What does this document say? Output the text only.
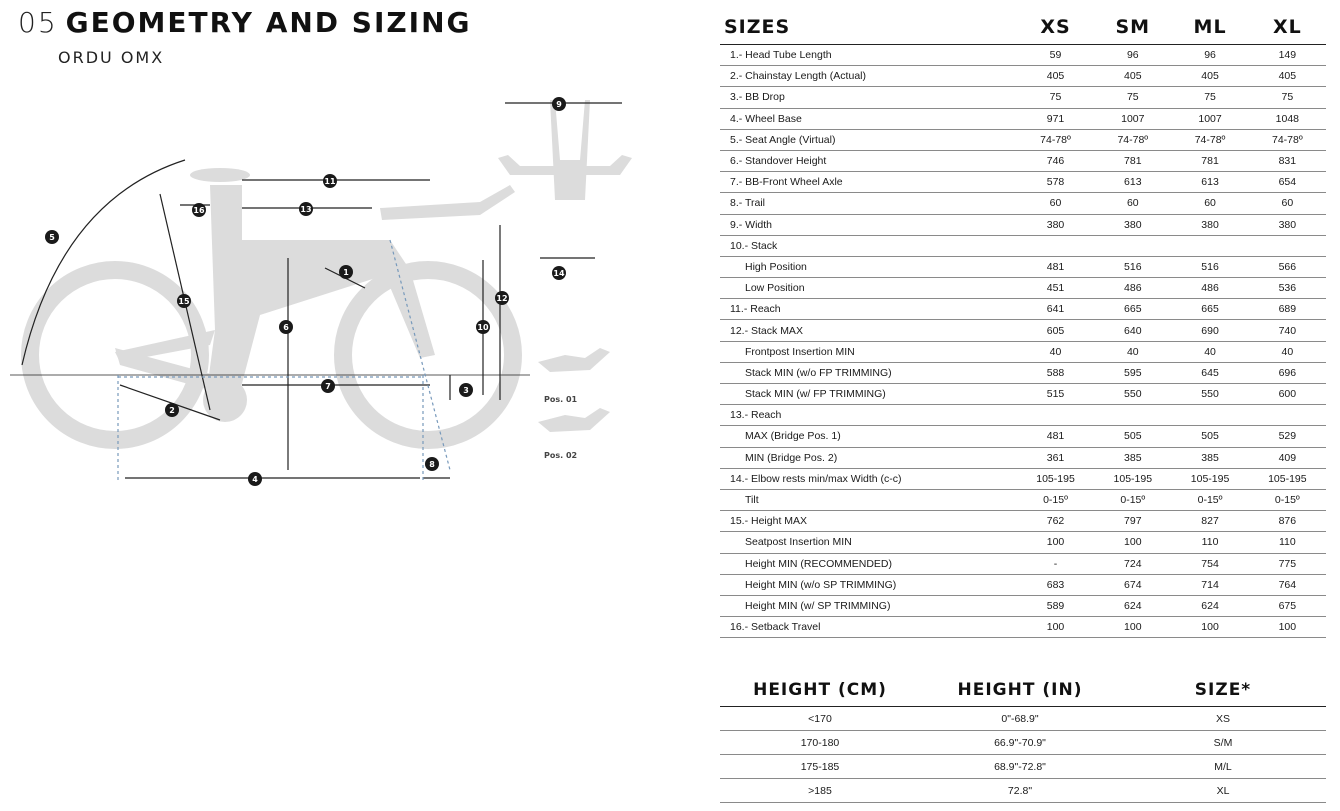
05 GEOMETRY AND SIZING
ORDU OMX
1
2
3
4
5
6
7
8
9
10
11
12
13
14
15
16
Pos. 01
Pos. 02
SIZES	XS	SM	ML	XL
1.- Head Tube Length	59	96	96	149
2.- Chainstay Length (Actual)	405	405	405	405
3.- BB Drop	75	75	75	75
4.- Wheel Base	971	1007	1007	1048
5.- Seat Angle (Virtual)	74-78º	74-78º	74-78º	74-78º
6.- Standover Height	746	781	781	831
7.- BB-Front Wheel Axle	578	613	613	654
8.- Trail	60	60	60	60
9.- Width	380	380	380	380
10.- Stack				
High Position	481	516	516	566
Low Position	451	486	486	536
11.- Reach	641	665	665	689
12.- Stack MAX	605	640	690	740
Frontpost Insertion MIN	40	40	40	40
Stack MIN (w/o FP TRIMMING)	588	595	645	696
Stack MIN (w/ FP TRIMMING)	515	550	550	600
13.- Reach				
MAX (Bridge Pos. 1)	481	505	505	529
MIN (Bridge Pos. 2)	361	385	385	409
14.- Elbow rests min/max Width (c-c)	105-195	105-195	105-195	105-195
Tilt	0-15º	0-15º	0-15º	0-15º
15.- Height MAX	762	797	827	876
Seatpost Insertion MIN	100	100	110	110
Height MIN (RECOMMENDED)	-	724	754	775
Height MIN (w/o SP TRIMMING)	683	674	714	764
Height MIN (w/ SP TRIMMING)	589	624	624	675
16.- Setback Travel	100	100	100	100
HEIGHT (CM)	HEIGHT (IN)	SIZE*
<170	0"-68.9"	XS
170-180	66.9"-70.9"	S/M
175-185	68.9"-72.8"	M/L
>185	72.8"	XL
